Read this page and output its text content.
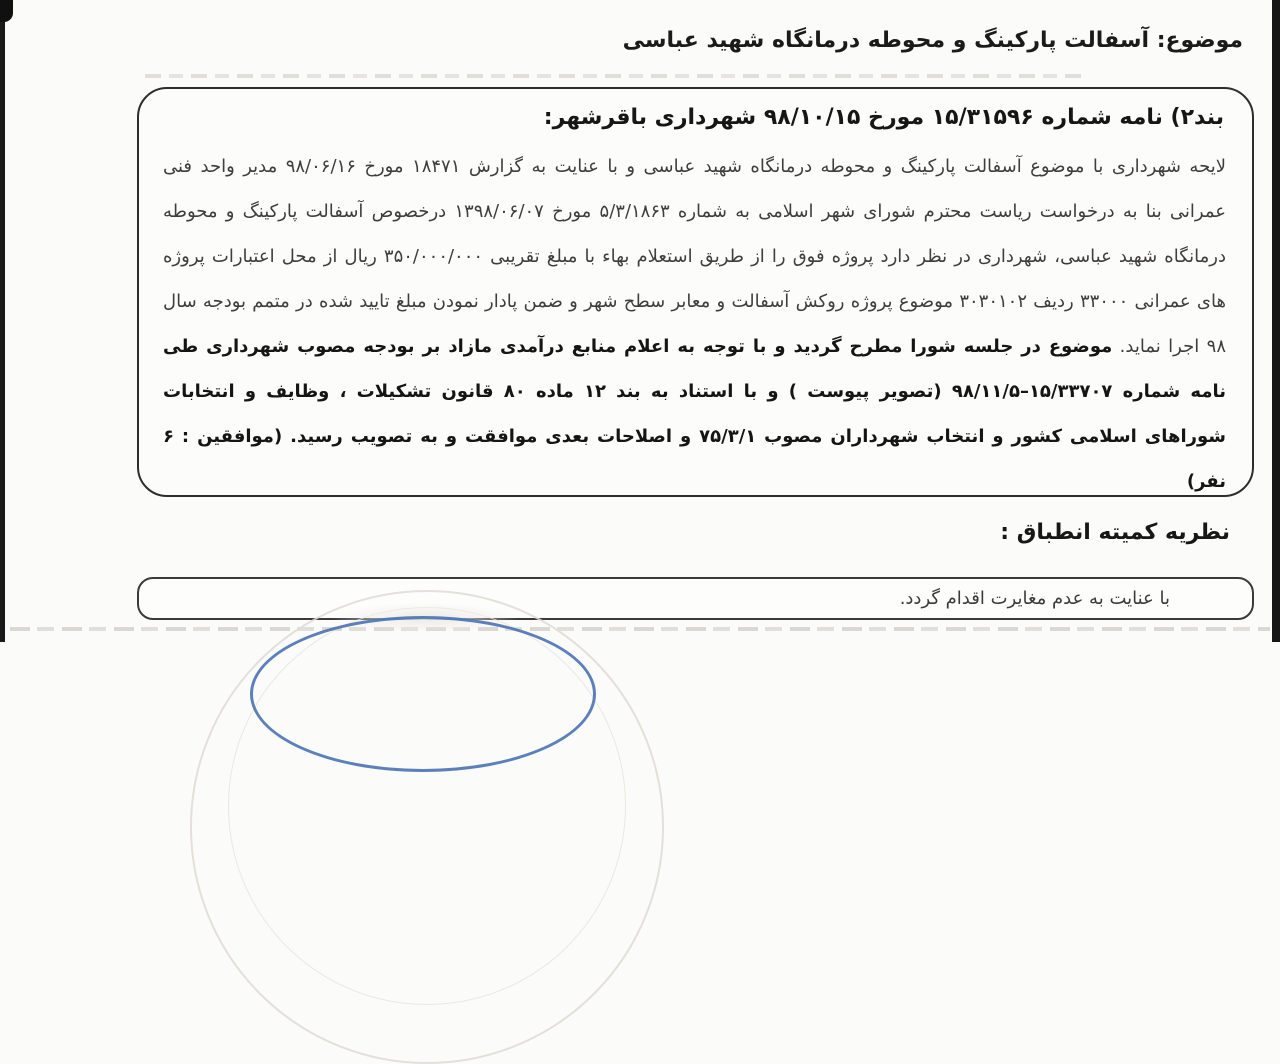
موضوع: آسفالت پارکینگ و محوطه درمانگاه شهید عباسی
بند۲) نامه شماره ۱۵/۳۱۵۹۶ مورخ ۹۸/۱۰/۱۵ شهرداری باقرشهر:

لایحه شهرداری با موضوع آسفالت پارکینگ و محوطه درمانگاه شهید عباسی و با عنایت به گزارش ۱۸۴۷۱ مورخ ۹۸/۰۶/۱۶ مدیر واحد فنی عمرانی بنا به درخواست ریاست محترم شورای شهر اسلامی به شماره ۵/۳/۱۸۶۳ مورخ ۱۳۹۸/۰۶/۰۷ درخصوص آسفالت پارکینگ و محوطه درمانگاه شهید عباسی، شهرداری در نظر دارد پروژه فوق را از طریق استعلام بهاء با مبلغ تقریبی ۳۵۰/۰۰۰/۰۰۰ ریال از محل اعتبارات پروژه های عمرانی ۳۳۰۰۰ ردیف ۳۰۳۰۱۰۲ موضوع پروژه روکش آسفالت و معابر سطح شهر و ضمن پادار نمودن مبلغ تایید شده در متمم بودجه سال ۹۸ اجرا نماید. موضوع در جلسه شورا مطرح گردید و با توجه به اعلام منابع درآمدی مازاد بر بودجه مصوب شهرداری طی نامه شماره ۱۵/۳۳۷۰۷–۹۸/۱۱/۵ (تصویر پیوست ) و با استناد به بند ۱۲ ماده ۸۰ قانون تشکیلات ، وظایف و انتخابات شوراهای اسلامی کشور و انتخاب شهرداران مصوب ۷۵/۳/۱ و اصلاحات بعدی موافقت و به تصویب رسید. (موافقین : ۶ نفر)

نظریه کمیته انطباق :
با عنایت به عدم مغایرت اقدام گردد.
